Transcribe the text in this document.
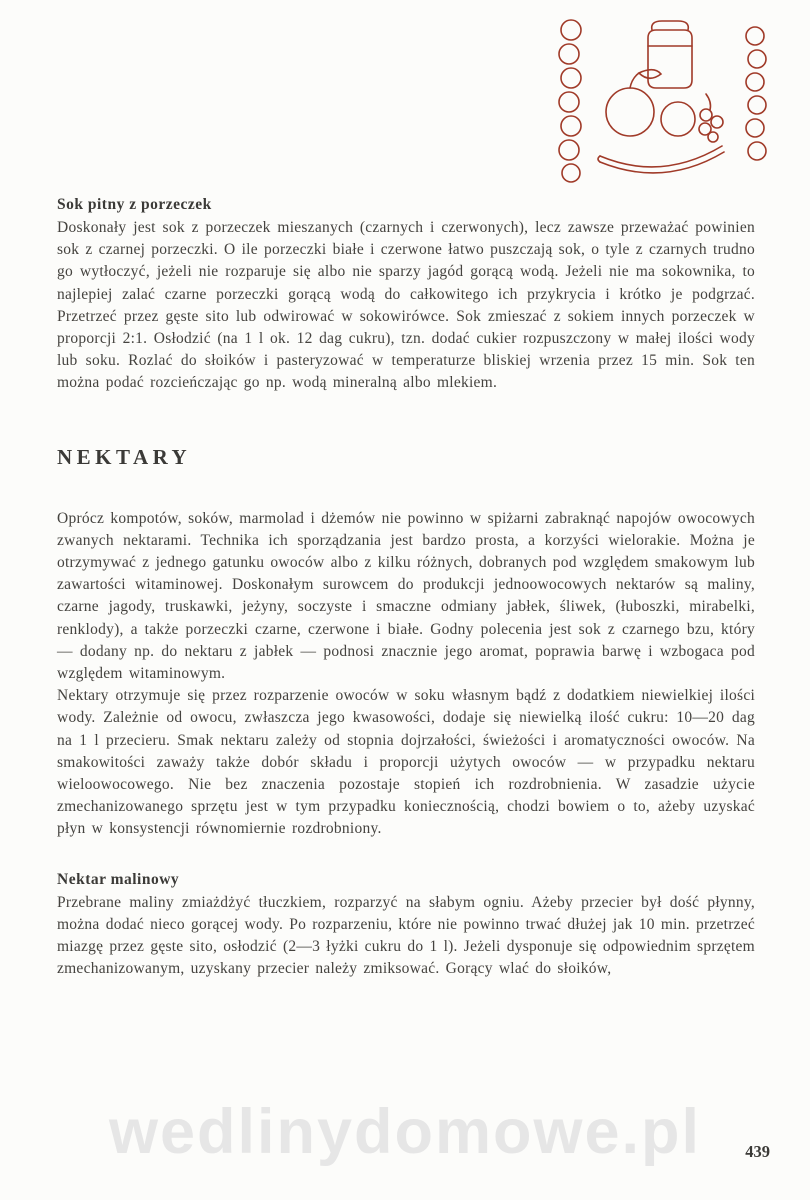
Sok pitny z porzeczek

Doskonały jest sok z porzeczek mieszanych (czarnych i czerwonych), lecz zawsze przeważać powinien sok z czarnej porzeczki. O ile porzeczki białe i czerwone łatwo puszczają sok, o tyle z czarnych trudno go wytłoczyć, jeżeli nie rozparuje się albo nie sparzy jagód gorącą wodą. Jeżeli nie ma sokownika, to najlepiej zalać czarne porzeczki gorącą wodą do całkowitego ich przykrycia i krótko je podgrzać. Przetrzeć przez gęste sito lub odwirować w sokowirówce. Sok zmieszać z sokiem innych porzeczek w proporcji 2:1. Osłodzić (na 1 l ok. 12 dag cukru), tzn. dodać cukier rozpuszczony w małej ilości wody lub soku. Rozlać do słoików i pasteryzować w temperaturze bliskiej wrzenia przez 15 min. Sok ten można podać rozcieńczając go np. wodą mineralną albo mlekiem.

NEKTARY

Oprócz kompotów, soków, marmolad i dżemów nie powinno w spiżarni zabraknąć napojów owocowych zwanych nektarami. Technika ich sporządzania jest bardzo prosta, a korzyści wielorakie. Można je otrzymywać z jednego gatunku owoców albo z kilku różnych, dobranych pod względem smakowym lub zawartości witaminowej. Doskonałym surowcem do produkcji jednoowocowych nektarów są maliny, czarne jagody, truskawki, jeżyny, soczyste i smaczne odmiany jabłek, śliwek, (łuboszki, mirabelki, renklody), a także porzeczki czarne, czerwone i białe. Godny polecenia jest sok z czarnego bzu, który — dodany np. do nektaru z jabłek — podnosi znacznie jego aromat, poprawia barwę i wzbogaca pod względem witaminowym.

Nektary otrzymuje się przez rozparzenie owoców w soku własnym bądź z dodatkiem niewielkiej ilości wody. Zależnie od owocu, zwłaszcza jego kwasowości, dodaje się niewielką ilość cukru: 10—20 dag na 1 l przecieru. Smak nektaru zależy od stopnia dojrzałości, świeżości i aromatyczności owoców. Na smakowitości zaważy także dobór składu i proporcji użytych owoców — w przypadku nektaru wieloowocowego. Nie bez znaczenia pozostaje stopień ich rozdrobnienia. W zasadzie użycie zmechanizowanego sprzętu jest w tym przypadku koniecznością, chodzi bowiem o to, ażeby uzyskać płyn w konsystencji równomiernie rozdrobniony.

Nektar malinowy

Przebrane maliny zmiażdżyć tłuczkiem, rozparzyć na słabym ogniu. Ażeby przecier był dość płynny, można dodać nieco gorącej wody. Po rozparzeniu, które nie powinno trwać dłużej jak 10 min. przetrzeć miazgę przez gęste sito, osłodzić (2—3 łyżki cukru do 1 l). Jeżeli dysponuje się odpowiednim sprzętem zmechanizowanym, uzyskany przecier należy zmiksować. Gorący wlać do słoików,

wedlinydomowe.pl	439
